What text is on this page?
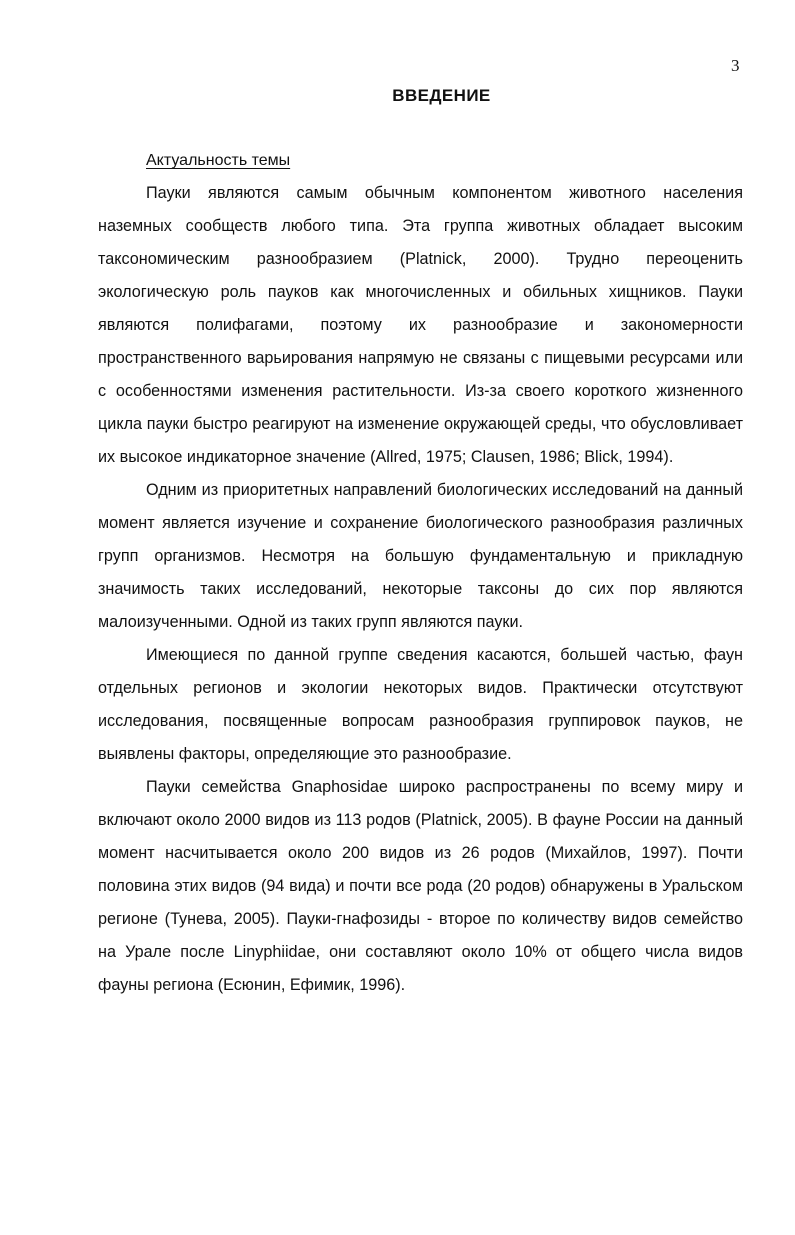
3
ВВЕДЕНИЕ
Актуальность темы

Пауки являются самым обычным компонентом животного населения наземных сообществ любого типа. Эта группа животных обладает высоким таксономическим разнообразием (Platnick, 2000). Трудно переоценить экологическую роль пауков как многочисленных и обильных хищников. Пауки являются полифагами, поэтому их разнообразие и закономерности пространственного варьирования напрямую не связаны с пищевыми ресурсами или с особенностями изменения растительности. Из-за своего короткого жизненного цикла пауки быстро реагируют на изменение окружающей среды, что обусловливает их высокое индикаторное значение (Allred, 1975; Clausen, 1986; Blick, 1994).

Одним из приоритетных направлений биологических исследований на данный момент является изучение и сохранение биологического разнообразия различных групп организмов. Несмотря на большую фундаментальную и прикладную значимость таких исследований, некоторые таксоны до сих пор являются малоизученными. Одной из таких групп являются пауки.

Имеющиеся по данной группе сведения касаются, большей частью, фаун отдельных регионов и экологии некоторых видов. Практически отсутствуют исследования, посвященные вопросам разнообразия группировок пауков, не выявлены факторы, определяющие это разнообразие.

Пауки семейства Gnaphosidae широко распространены по всему миру и включают около 2000 видов из 113 родов (Platnick, 2005). В фауне России на данный момент насчитывается около 200 видов из 26 родов (Михайлов, 1997). Почти половина этих видов (94 вида) и почти все рода (20 родов) обнаружены в Уральском регионе (Тунева, 2005). Пауки-гнафозиды - второе по количеству видов семейство на Урале после Linyphiidae, они составляют около 10% от общего числа видов фауны региона (Есюнин, Ефимик, 1996).
